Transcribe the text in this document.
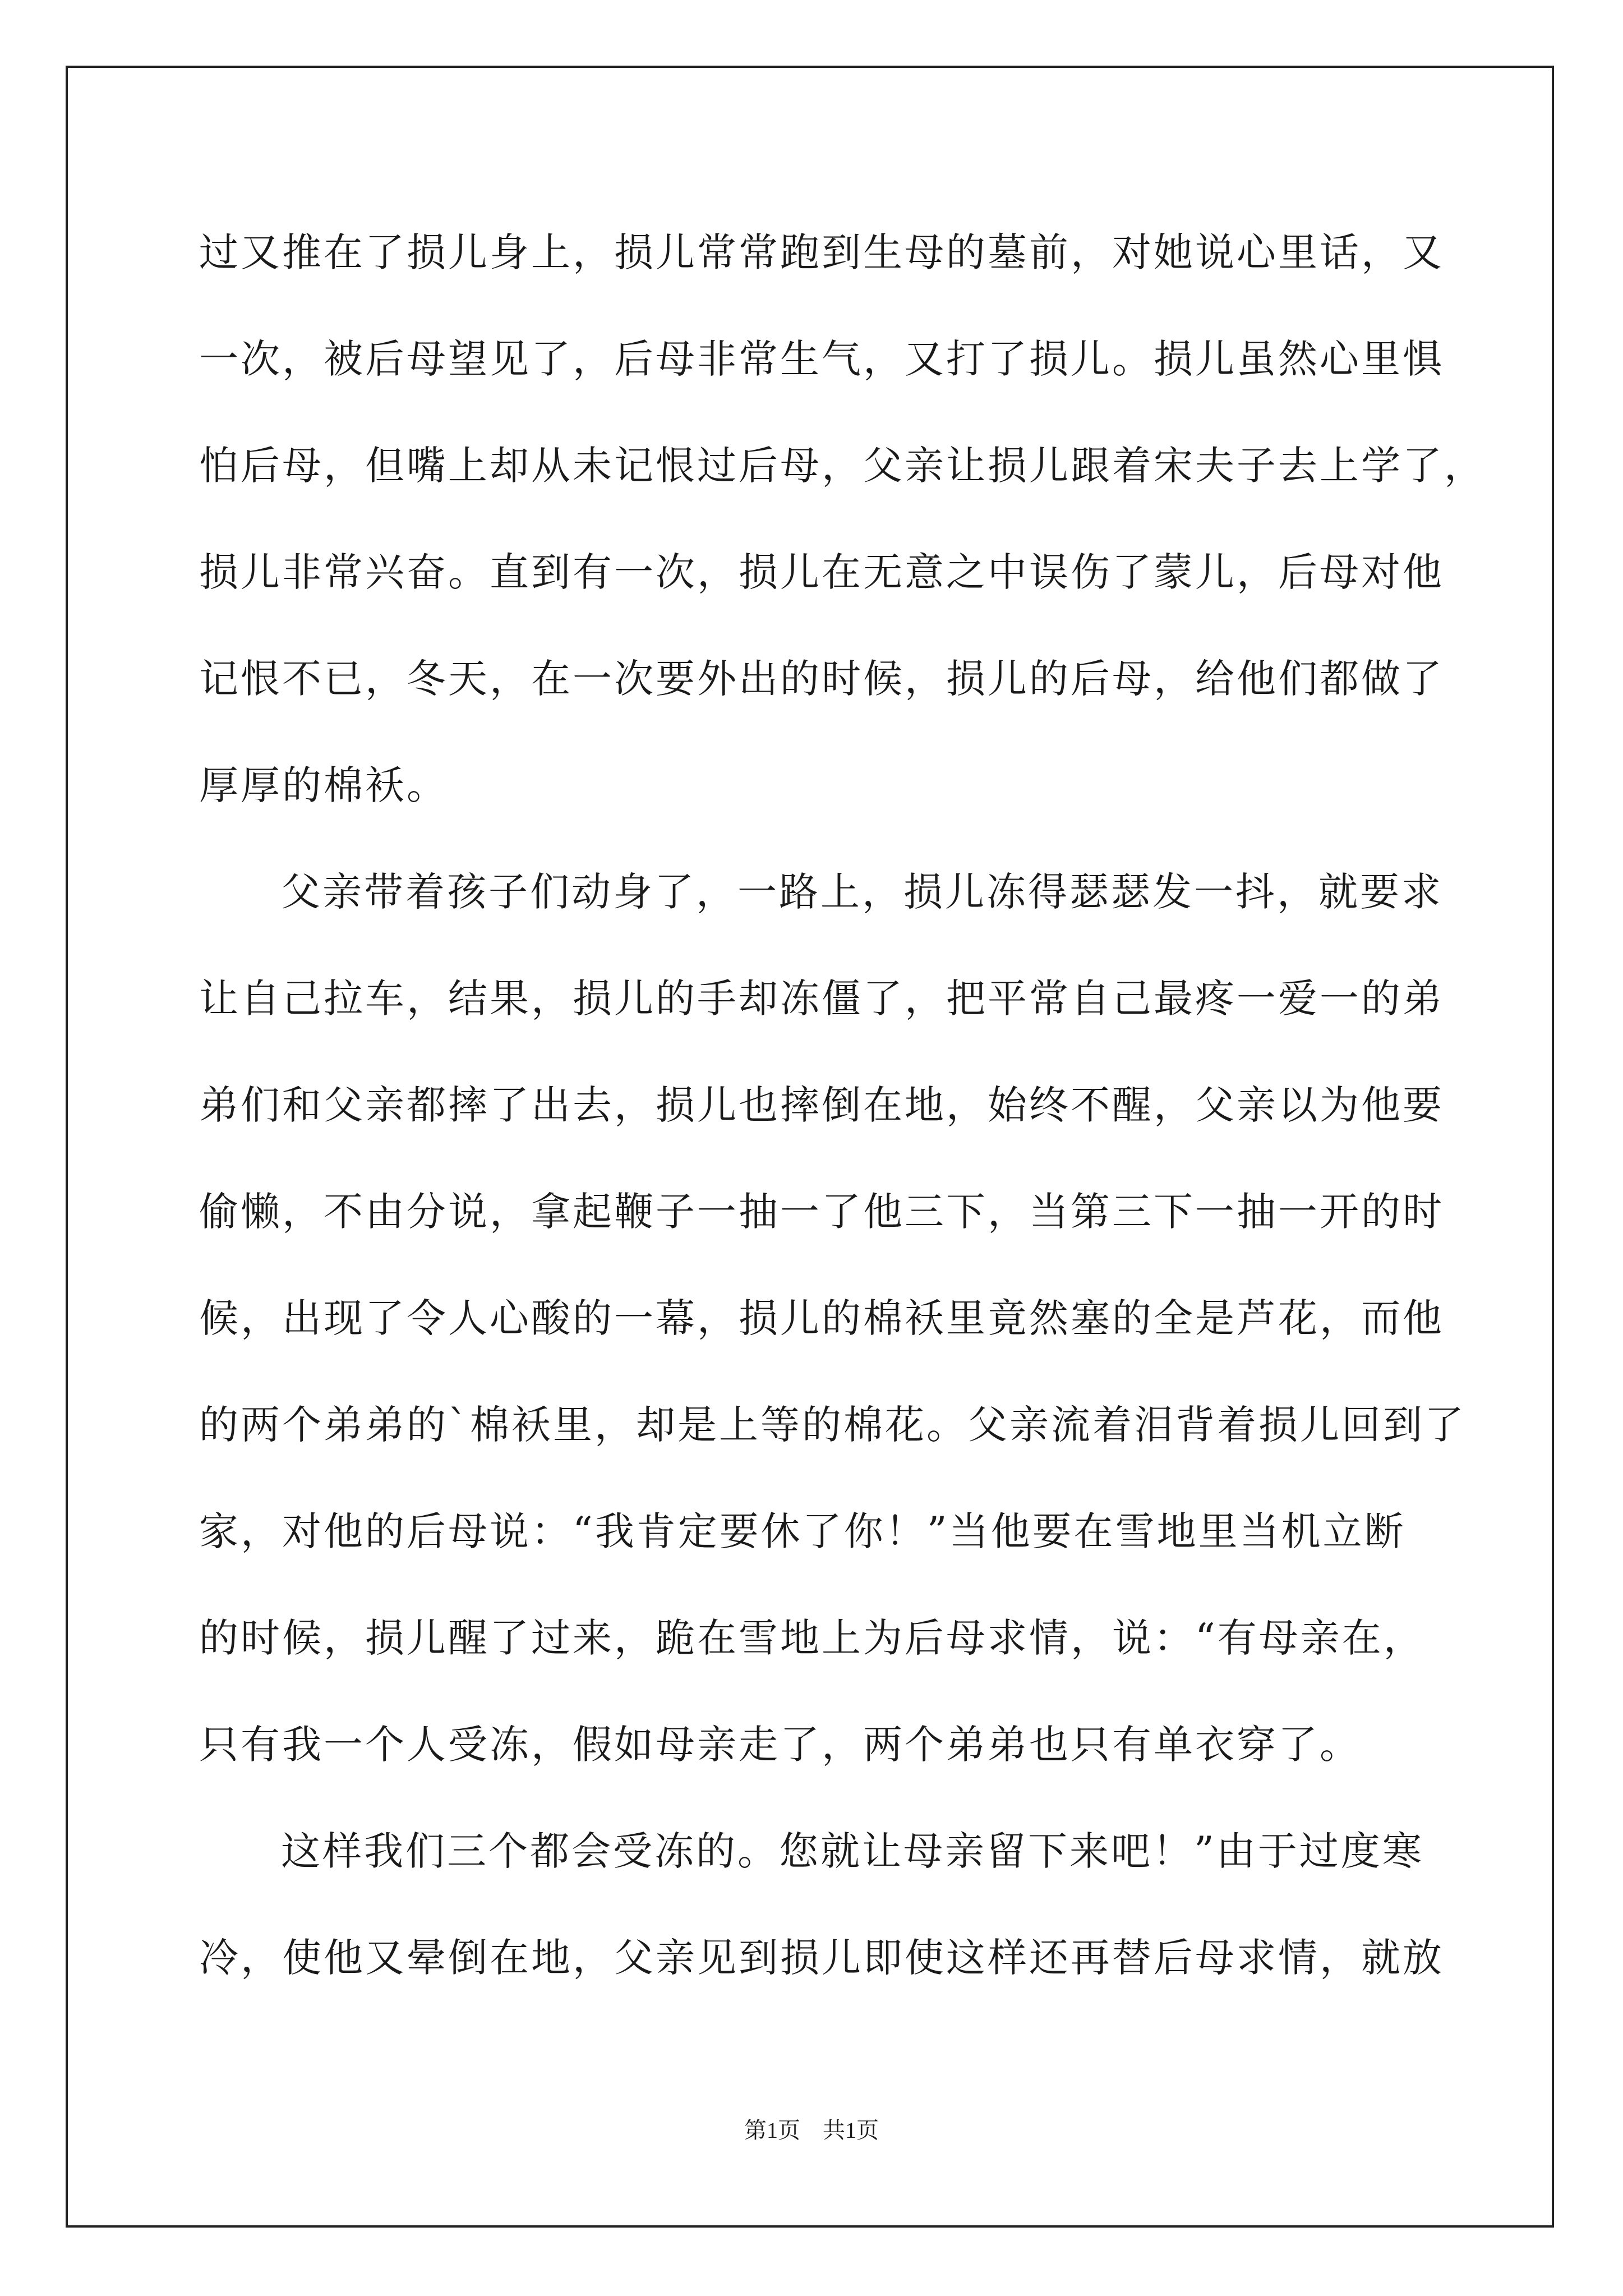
过又推在了损儿身上，损儿常常跑到生母的墓前，对她说心里话，又
一次，被后母望见了，后母非常生气，又打了损儿。损儿虽然心里惧
怕后母，但嘴上却从未记恨过后母，父亲让损儿跟着宋夫子去上学了，
损儿非常兴奋。直到有一次，损儿在无意之中误伤了蒙儿，后母对他
记恨不已，冬天，在一次要外出的时候，损儿的后母，给他们都做了
厚厚的棉袄。
父亲带着孩子们动身了，一路上，损儿冻得瑟瑟发一抖，就要求
让自己拉车，结果，损儿的手却冻僵了，把平常自己最疼一爱一的弟
弟们和父亲都摔了出去，损儿也摔倒在地，始终不醒，父亲以为他要
偷懒，不由分说，拿起鞭子一抽一了他三下，当第三下一抽一开的时
候，出现了令人心酸的一幕，损儿的棉袄里竟然塞的全是芦花，而他
的两个弟弟的`棉袄里，却是上等的棉花。父亲流着泪背着损儿回到了
家，对他的后母说：“我肯定要休了你！”当他要在雪地里当机立断
的时候，损儿醒了过来，跪在雪地上为后母求情，说：“有母亲在，
只有我一个人受冻，假如母亲走了，两个弟弟也只有单衣穿了。
这样我们三个都会受冻的。您就让母亲留下来吧！”由于过度寒
冷，使他又晕倒在地，父亲见到损儿即使这样还再替后母求情，就放
第1页 共1页
